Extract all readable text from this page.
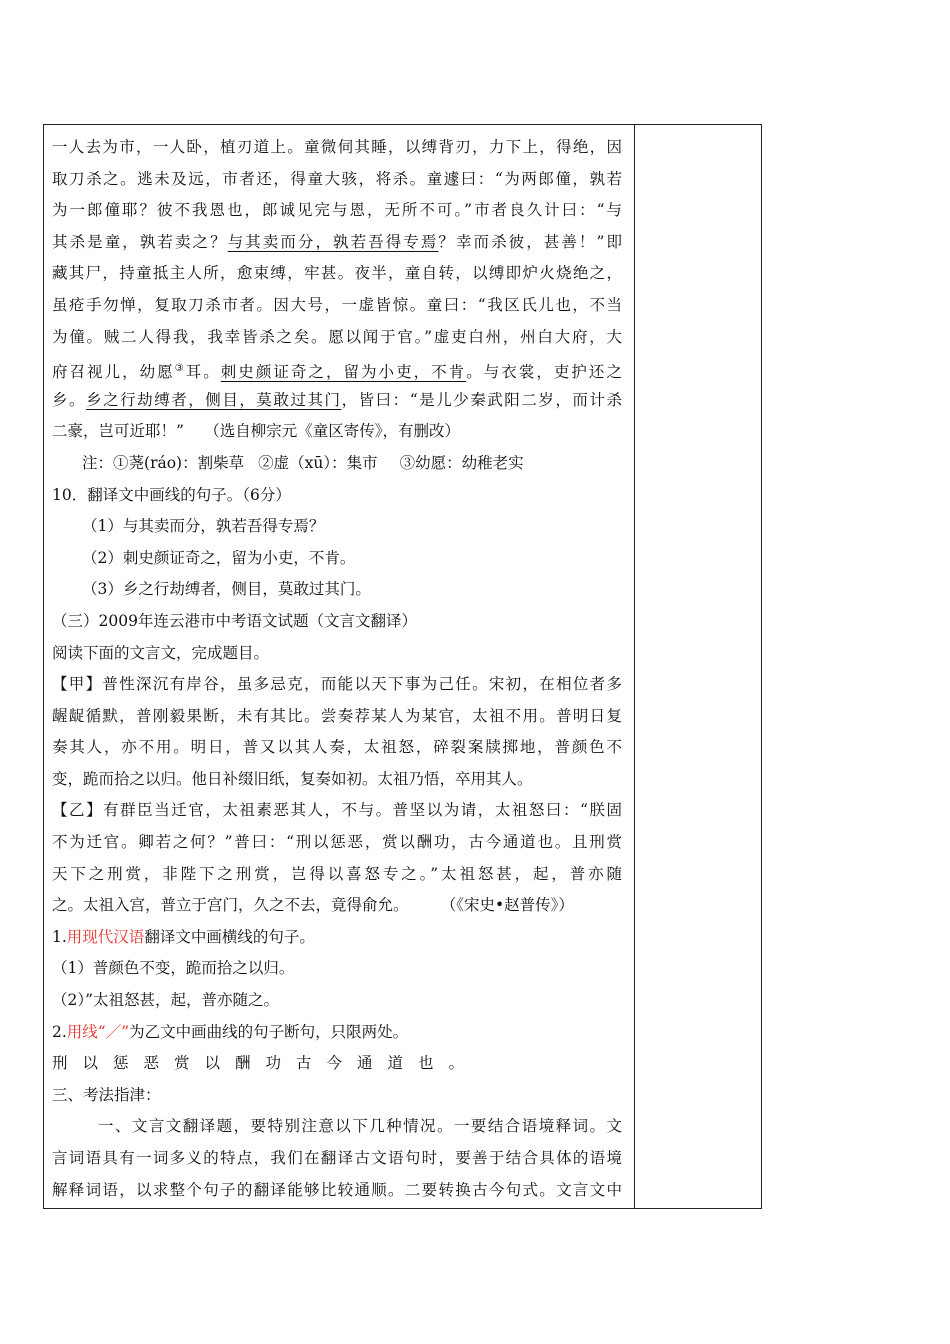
一人去为市，一人卧，植刃道上。童微伺其睡，以缚背刃，力下上，得绝，因
取刀杀之。逃未及远，市者还，得童大骇，将杀。童遽曰：“为两郎僮，孰若
为一郎僮耶？彼不我恩也，郎诚见完与恩，无所不可。”市者良久计曰：“与
其杀是童，孰若卖之？与其卖而分，孰若吾得专焉？幸而杀彼，甚善！”即
藏其尸，持童抵主人所，愈束缚，牢甚。夜半，童自转，以缚即炉火烧绝之，
虽疮手勿惮，复取刀杀市者。因大号，一虚皆惊。童曰：“我区氏儿也，不当
为僮。贼二人得我，我幸皆杀之矣。愿以闻于官。”虚吏白州，州白大府，大
府召视儿，幼愿③耳。刺史颜证奇之，留为小吏，不肯。与衣裳，吏护还之
乡。乡之行劫缚者，侧目，莫敢过其门，皆曰：“是儿少秦武阳二岁，而计杀
二豪，岂可近耶！” （选自柳宗元《童区寄传》，有删改）
注：①荛(ráo)：割柴草 ②虚（xū）：集市 ③幼愿：幼稚老实
10．翻译文中画线的句子。（6分）
（1）与其卖而分，孰若吾得专焉？
（2）刺史颜证奇之，留为小吏，不肯。
（3）乡之行劫缚者，侧目，莫敢过其门。
（三）2009年连云港市中考语文试题（文言文翻译）
阅读下面的文言文，完成题目。
【甲】普性深沉有岸谷，虽多忌克，而能以天下事为己任。宋初，在相位者多
龌龊循默，普刚毅果断，未有其比。尝奏荐某人为某官，太祖不用。普明日复
奏其人，亦不用。明日，普又以其人奏，太祖怒，碎裂案牍掷地，普颜色不
变，跪而拾之以归。他日补缀旧纸，复奏如初。太祖乃悟，卒用其人。
【乙】有群臣当迁官，太祖素恶其人，不与。普坚以为请，太祖怒曰：“朕固
不为迁官。卿若之何？”普曰：“刑以惩恶，赏以酬功，古今通道也。且刑赏
天下之刑赏，非陛下之刑赏，岂得以喜怒专之。”太祖怒甚，起，普亦随
之。太祖入宫，普立于宫门，久之不去，竟得俞允。	（《宋史•赵普传》）
1.用现代汉语翻译文中画横线的句子。
（1）普颜色不变，跪而拾之以归。
（2）”太祖怒甚，起，普亦随之。
2.用线“／”为乙文中画曲线的句子断句，只限两处。
刑以惩恶赏以酬功古今通道也。
三、考法指津：
一、文言文翻译题，要特别注意以下几种情况。一要结合语境释词。文
言词语具有一词多义的特点，我们在翻译古文语句时，要善于结合具体的语境
解释词语，以求整个句子的翻译能够比较通顺。二要转换古今句式。文言文中
